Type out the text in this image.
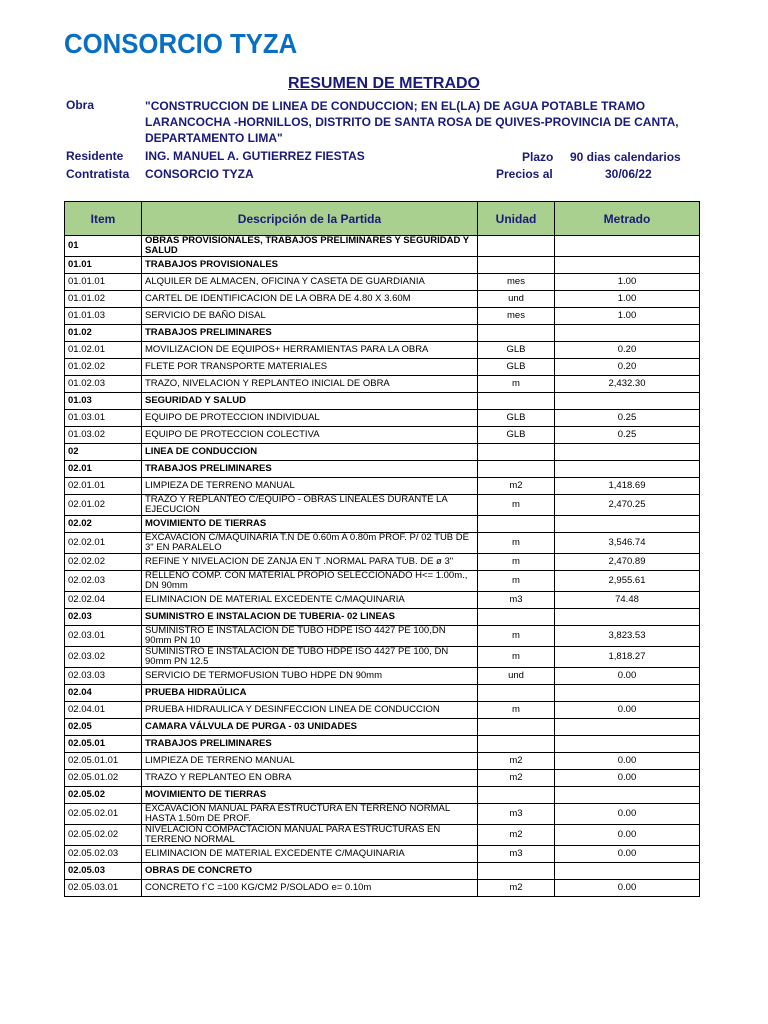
CONSORCIO TYZA
RESUMEN DE METRADO
Obra	"CONSTRUCCION DE LINEA DE CONDUCCION; EN EL(LA) DE AGUA POTABLE TRAMO LARANCOCHA -HORNILLOS, DISTRITO DE SANTA ROSA DE QUIVES-PROVINCIA DE CANTA, DEPARTAMENTO LIMA"
Residente ING. MANUEL A. GUTIERREZ FIESTAS
Contratista CONSORCIO TYZA
Plazo 90 dias calendarios
Precios al	30/06/22
Item	Descripción de la Partida	Unidad	Metrado
01	OBRAS PROVISIONALES, TRABAJOS PRELIMINARES Y SEGURIDAD Y SALUD		
01.01	TRABAJOS PROVISIONALES		
01.01.01	ALQUILER DE ALMACEN, OFICINA Y CASETA DE GUARDIANIA	mes	1.00
01.01.02	CARTEL DE IDENTIFICACION DE LA OBRA DE 4.80 X 3.60M	und	1.00
01.01.03	SERVICIO DE BAÑO DISAL	mes	1.00
01.02	TRABAJOS PRELIMINARES		
01.02.01	MOVILIZACION DE EQUIPOS+ HERRAMIENTAS PARA LA OBRA	GLB	0.20
01.02.02	FLETE POR TRANSPORTE MATERIALES	GLB	0.20
01.02.03	TRAZO, NIVELACION Y REPLANTEO INICIAL DE OBRA	m	2,432.30
01.03	SEGURIDAD Y SALUD		
01.03.01	EQUIPO DE PROTECCION INDIVIDUAL	GLB	0.25
01.03.02	EQUIPO DE PROTECCION COLECTIVA	GLB	0.25
02	LINEA DE CONDUCCION		
02.01	TRABAJOS PRELIMINARES		
02.01.01	LIMPIEZA DE TERRENO MANUAL	m2	1,418.69
02.01.02	TRAZO Y REPLANTEO C/EQUIPO - OBRAS LINEALES DURANTE LA EJECUCION	m	2,470.25
02.02	MOVIMIENTO DE TIERRAS		
02.02.01	EXCAVACION C/MAQUINARIA T.N DE 0.60m A 0.80m PROF. P/ 02 TUB DE 3" EN PARALELO	m	3,546.74
02.02.02	REFINE Y NIVELACION DE ZANJA EN T .NORMAL PARA TUB. DE ø 3"	m	2,470.89
02.02.03	RELLENO COMP. CON MATERIAL PROPIO SELECCIONADO H<= 1.00m., DN 90mm	m	2,955.61
02.02.04	ELIMINACION DE MATERIAL EXCEDENTE C/MAQUINARIA	m3	74.48
02.03	SUMINISTRO E INSTALACION DE TUBERIA- 02 LINEAS		
02.03.01	SUMINISTRO E INSTALACION DE TUBO HDPE ISO 4427 PE 100,DN 90mm PN 10	m	3,823.53
02.03.02	SUMINISTRO E INSTALACION DE TUBO HDPE ISO 4427 PE 100, DN 90mm PN 12.5	m	1,818.27
02.03.03	SERVICIO DE TERMOFUSION TUBO HDPE DN 90mm	und	0.00
02.04	PRUEBA HIDRAÚLICA		
02.04.01	PRUEBA HIDRAULICA Y DESINFECCION LINEA DE CONDUCCION	m	0.00
02.05	CAMARA VÁLVULA DE PURGA - 03 UNIDADES		
02.05.01	TRABAJOS PRELIMINARES		
02.05.01.01	LIMPIEZA DE TERRENO MANUAL	m2	0.00
02.05.01.02	TRAZO Y REPLANTEO EN OBRA	m2	0.00
02.05.02	MOVIMIENTO DE TIERRAS		
02.05.02.01	EXCAVACION MANUAL PARA ESTRUCTURA EN TERRENO NORMAL HASTA 1.50m DE PROF.	m3	0.00
02.05.02.02	NIVELACION COMPACTACION MANUAL PARA ESTRUCTURAS EN TERRENO NORMAL	m2	0.00
02.05.02.03	ELIMINACION DE MATERIAL EXCEDENTE C/MAQUINARIA	m3	0.00
02.05.03	OBRAS DE CONCRETO		
02.05.03.01	CONCRETO f`C =100 KG/CM2 P/SOLADO e= 0.10m	m2	0.00
